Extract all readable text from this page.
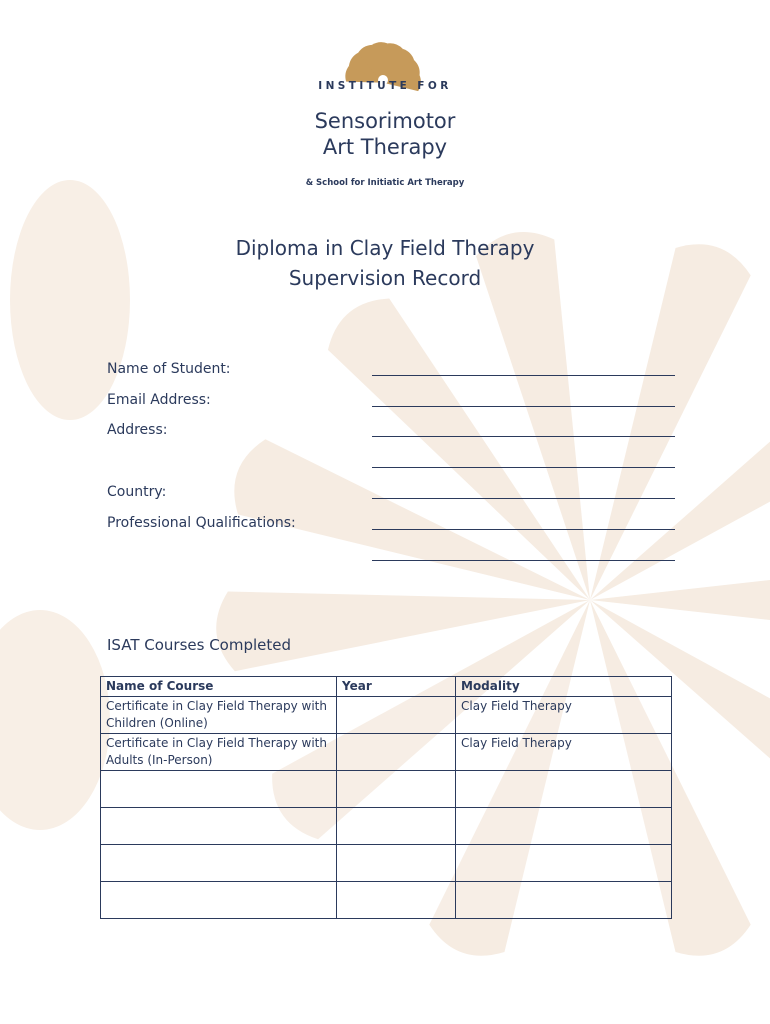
INSTITUTE FOR
Sensorimotor
Art Therapy
& School for Initiatic Art Therapy
Diploma in Clay Field Therapy
Supervision Record
Name of Student:
Email Address:
Address:
Country:
Professional Qualifications:
ISAT Courses Completed
Name of Course	Year	Modality
Certificate in Clay Field Therapy with Children (Online)		Clay Field Therapy
Certificate in Clay Field Therapy with Adults (In-Person)		Clay Field Therapy
